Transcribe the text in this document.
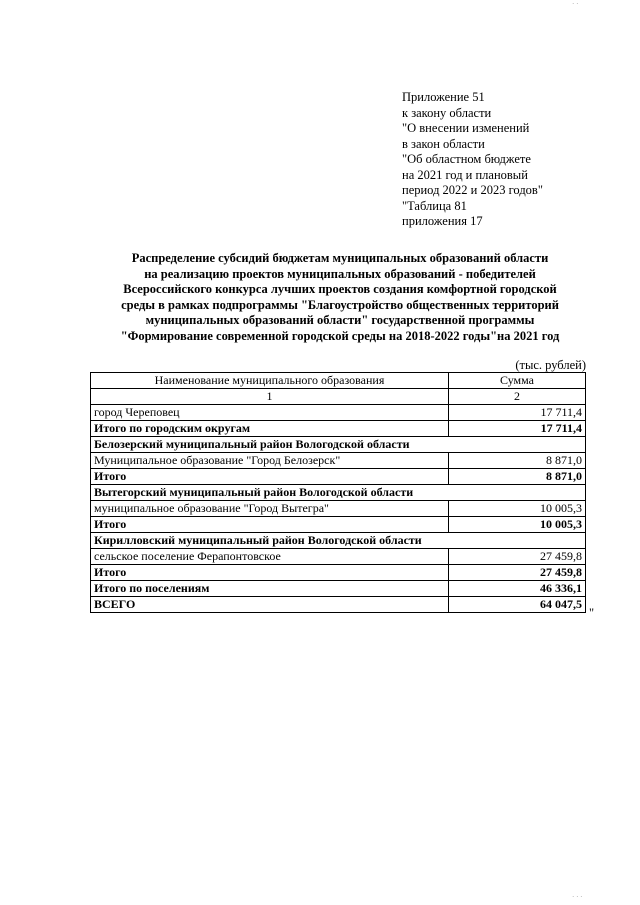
· ·
Приложение 51
к закону области
"О внесении изменений
в закон области
"Об областном бюджете
на 2021 год и плановый
период 2022 и 2023 годов"
"Таблица 81
приложения 17
Распределение субсидий бюджетам муниципальных образований области
на реализацию проектов муниципальных образований - победителей
Всероссийского конкурса лучших проектов создания комфортной городской
среды в рамках подпрограммы "Благоустройство общественных территорий
муниципальных образований области" государственной программы
"Формирование современной городской среды на 2018-2022 годы"на 2021 год
(тыс. рублей)
Наименование муниципального образования	Сумма
1	2
город Череповец	17 711,4
Итого по городским округам	17 711,4
Белозерский муниципальный район Вологодской области	
Муниципальное образование "Город Белозерск"	8 871,0
Итого	8 871,0
Вытегорский муниципальный район Вологодской области	
муниципальное образование "Город Вытегра"	10 005,3
Итого	10 005,3
Кирилловский муниципальный район Вологодской области	
сельское поселение Ферапонтовское	27 459,8
Итого	27 459,8
Итого по поселениям	46 336,1
ВСЕГО	64 047,5
"
· · ·
